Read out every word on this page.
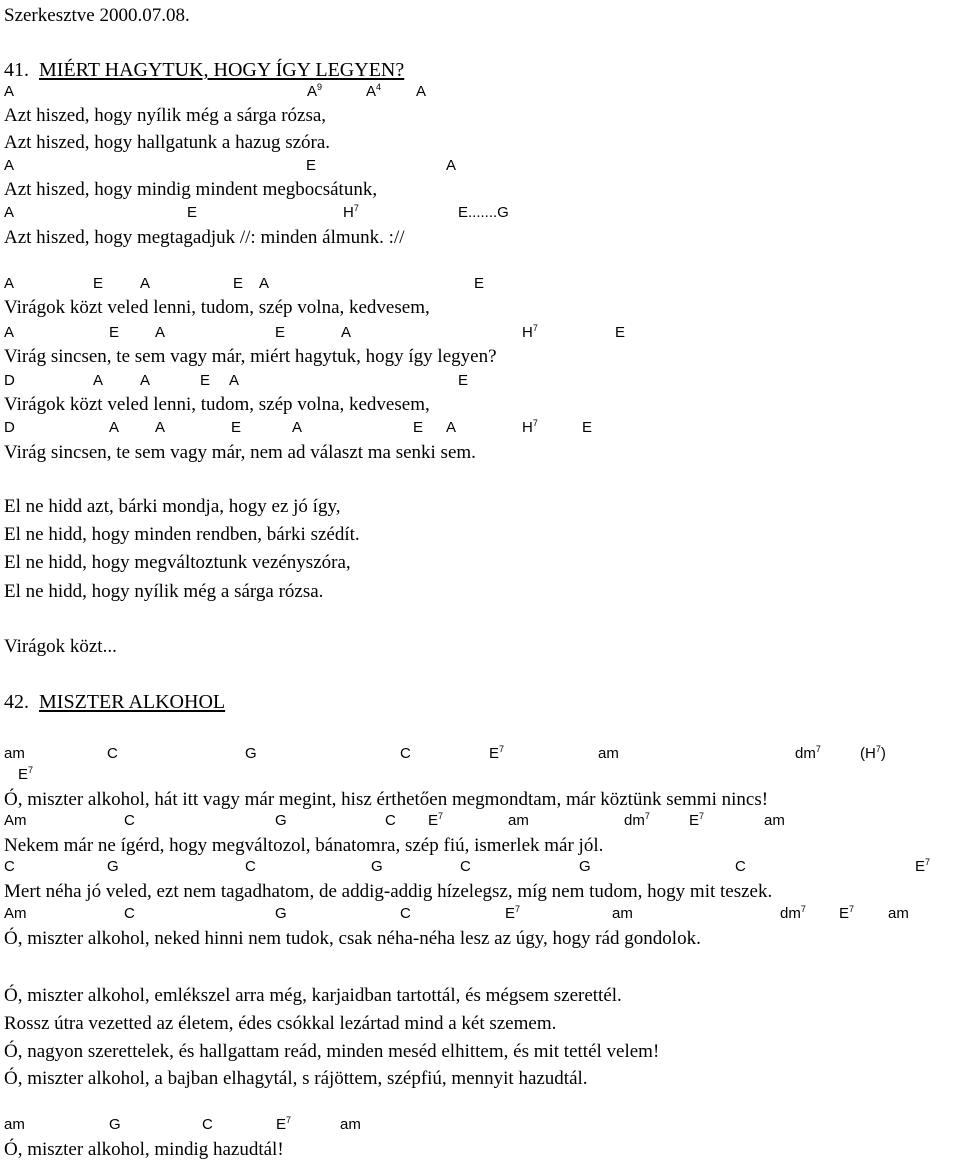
Szerkesztve 2000.07.08.
41. MIÉRT HAGYTUK, HOGY ÍGY LEGYEN?
A	$A^9$	$A^4$ A
Azt hiszed, hogy nyílik még a sárga rózsa,
Azt hiszed, hogy hallgatunk a hazug szóra.
A	E	A
Azt hiszed, hogy mindig mindent megbocsátunk,
A	E	$H^7$	E.......G
Azt hiszed, hogy megtagadjuk //: minden álmunk. ://
A	E A	E A	E
Virágok közt veled lenni, tudom, szép volna, kedvesem,
A	E A	E	A	$H^7$	E
Virág sincsen, te sem vagy már, miért hagytuk, hogy így legyen?
D	A A	E A	E
Virágok közt veled lenni, tudom, szép volna, kedvesem,
D	A A	E	A	E A	$H^7$	E
Virág sincsen, te sem vagy már, nem ad választ ma senki sem.
El ne hidd azt, bárki mondja, hogy ez jó így,
El ne hidd, hogy minden rendben, bárki szédít.
El ne hidd, hogy megváltoztunk vezényszóra,
El ne hidd, hogy nyílik még a sárga rózsa.
Virágok közt...
42. MISZTER ALKOHOL
am	C	G	C	$E^7$	am	$dm^7$	$(H^7)$
$E^7$
Ó, miszter alkohol, hát itt vagy már megint, hisz érthetően megmondtam, már köztünk semmi nincs!
Am	C	G	C $E^7$	am	$dm^7$	$E^7$	am
Nekem már ne ígérd, hogy megváltozol, bánatomra, szép fiú, ismerlek már jól.
C	G	C	G	C	G	C	$E^7$
Mert néha jó veled, ezt nem tagadhatom, de addig-addig hízelegsz, míg nem tudom, hogy mit teszek.
Am	C	G	C	$E^7$	am	$dm^7$ $E^7$ am
Ó, miszter alkohol, neked hinni nem tudok, csak néha-néha lesz az úgy, hogy rád gondolok.
Ó, miszter alkohol, emlékszel arra még, karjaidban tartottál, és mégsem szerettél.
Rossz útra vezetted az életem, édes csókkal lezártad mind a két szemem.
Ó, nagyon szerettelek, és hallgattam reád, minden meséd elhittem, és mit tettél velem!
Ó, miszter alkohol, a bajban elhagytál, s rájöttem, szépfiú, mennyit hazudtál.
am	G	C	$E^7$	am
Ó, miszter alkohol, mindig hazudtál!
